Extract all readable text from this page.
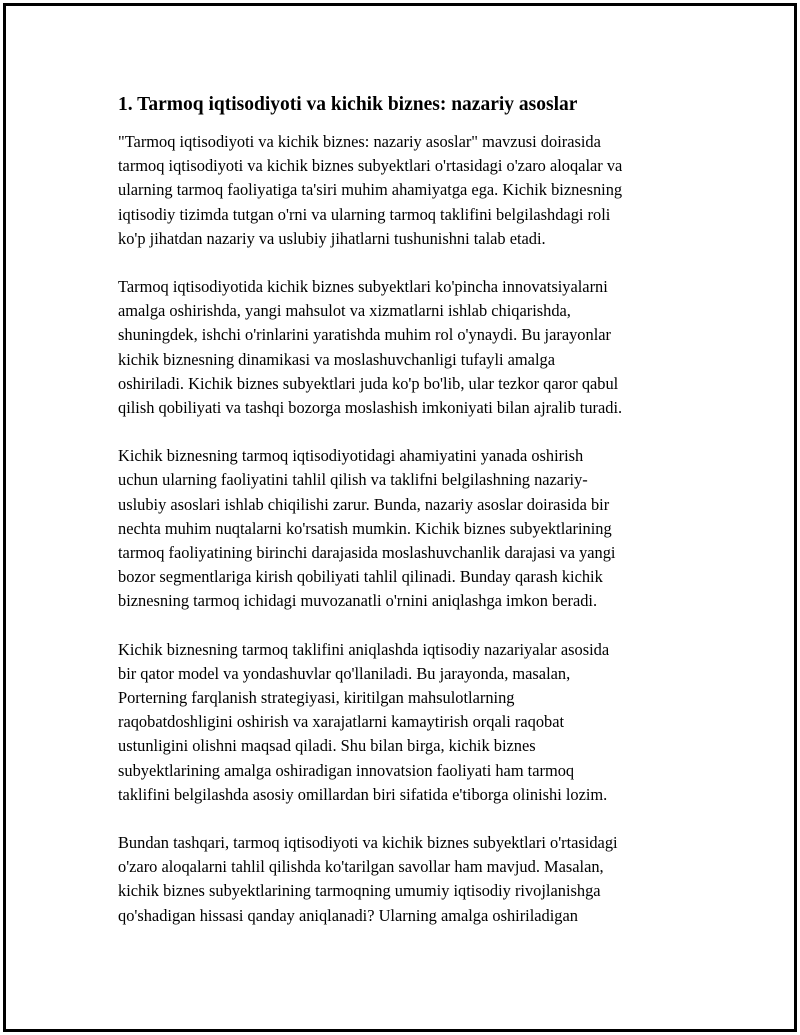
1. Tarmoq iqtisodiyoti va kichik biznes: nazariy asoslar
"Tarmoq iqtisodiyoti va kichik biznes: nazariy asoslar" mavzusi doirasida
tarmoq iqtisodiyoti va kichik biznes subyektlari o'rtasidagi o'zaro aloqalar va
ularning tarmoq faoliyatiga ta'siri muhim ahamiyatga ega. Kichik biznesning
iqtisodiy tizimda tutgan o'rni va ularning tarmoq taklifini belgilashdagi roli
ko'p jihatdan nazariy va uslubiy jihatlarni tushunishni talab etadi.
Tarmoq iqtisodiyotida kichik biznes subyektlari ko'pincha innovatsiyalarni
amalga oshirishda, yangi mahsulot va xizmatlarni ishlab chiqarishda,
shuningdek, ishchi o'rinlarini yaratishda muhim rol o'ynaydi. Bu jarayonlar
kichik biznesning dinamikasi va moslashuvchanligi tufayli amalga
oshiriladi. Kichik biznes subyektlari juda ko'p bo'lib, ular tezkor qaror qabul
qilish qobiliyati va tashqi bozorga moslashish imkoniyati bilan ajralib turadi.
Kichik biznesning tarmoq iqtisodiyotidagi ahamiyatini yanada oshirish
uchun ularning faoliyatini tahlil qilish va taklifni belgilashning nazariy-
uslubiy asoslari ishlab chiqilishi zarur. Bunda, nazariy asoslar doirasida bir
nechta muhim nuqtalarni ko'rsatish mumkin. Kichik biznes subyektlarining
tarmoq faoliyatining birinchi darajasida moslashuvchanlik darajasi va yangi
bozor segmentlariga kirish qobiliyati tahlil qilinadi. Bunday qarash kichik
biznesning tarmoq ichidagi muvozanatli o'rnini aniqlashga imkon beradi.
Kichik biznesning tarmoq taklifini aniqlashda iqtisodiy nazariyalar asosida
bir qator model va yondashuvlar qo'llaniladi. Bu jarayonda, masalan,
Porterning farqlanish strategiyasi, kiritilgan mahsulotlarning
raqobatdoshligini oshirish va xarajatlarni kamaytirish orqali raqobat
ustunligini olishni maqsad qiladi. Shu bilan birga, kichik biznes
subyektlarining amalga oshiradigan innovatsion faoliyati ham tarmoq
taklifini belgilashda asosiy omillardan biri sifatida e'tiborga olinishi lozim.
Bundan tashqari, tarmoq iqtisodiyoti va kichik biznes subyektlari o'rtasidagi
o'zaro aloqalarni tahlil qilishda ko'tarilgan savollar ham mavjud. Masalan,
kichik biznes subyektlarining tarmoqning umumiy iqtisodiy rivojlanishga
qo'shadigan hissasi qanday aniqlanadi? Ularning amalga oshiriladigan
